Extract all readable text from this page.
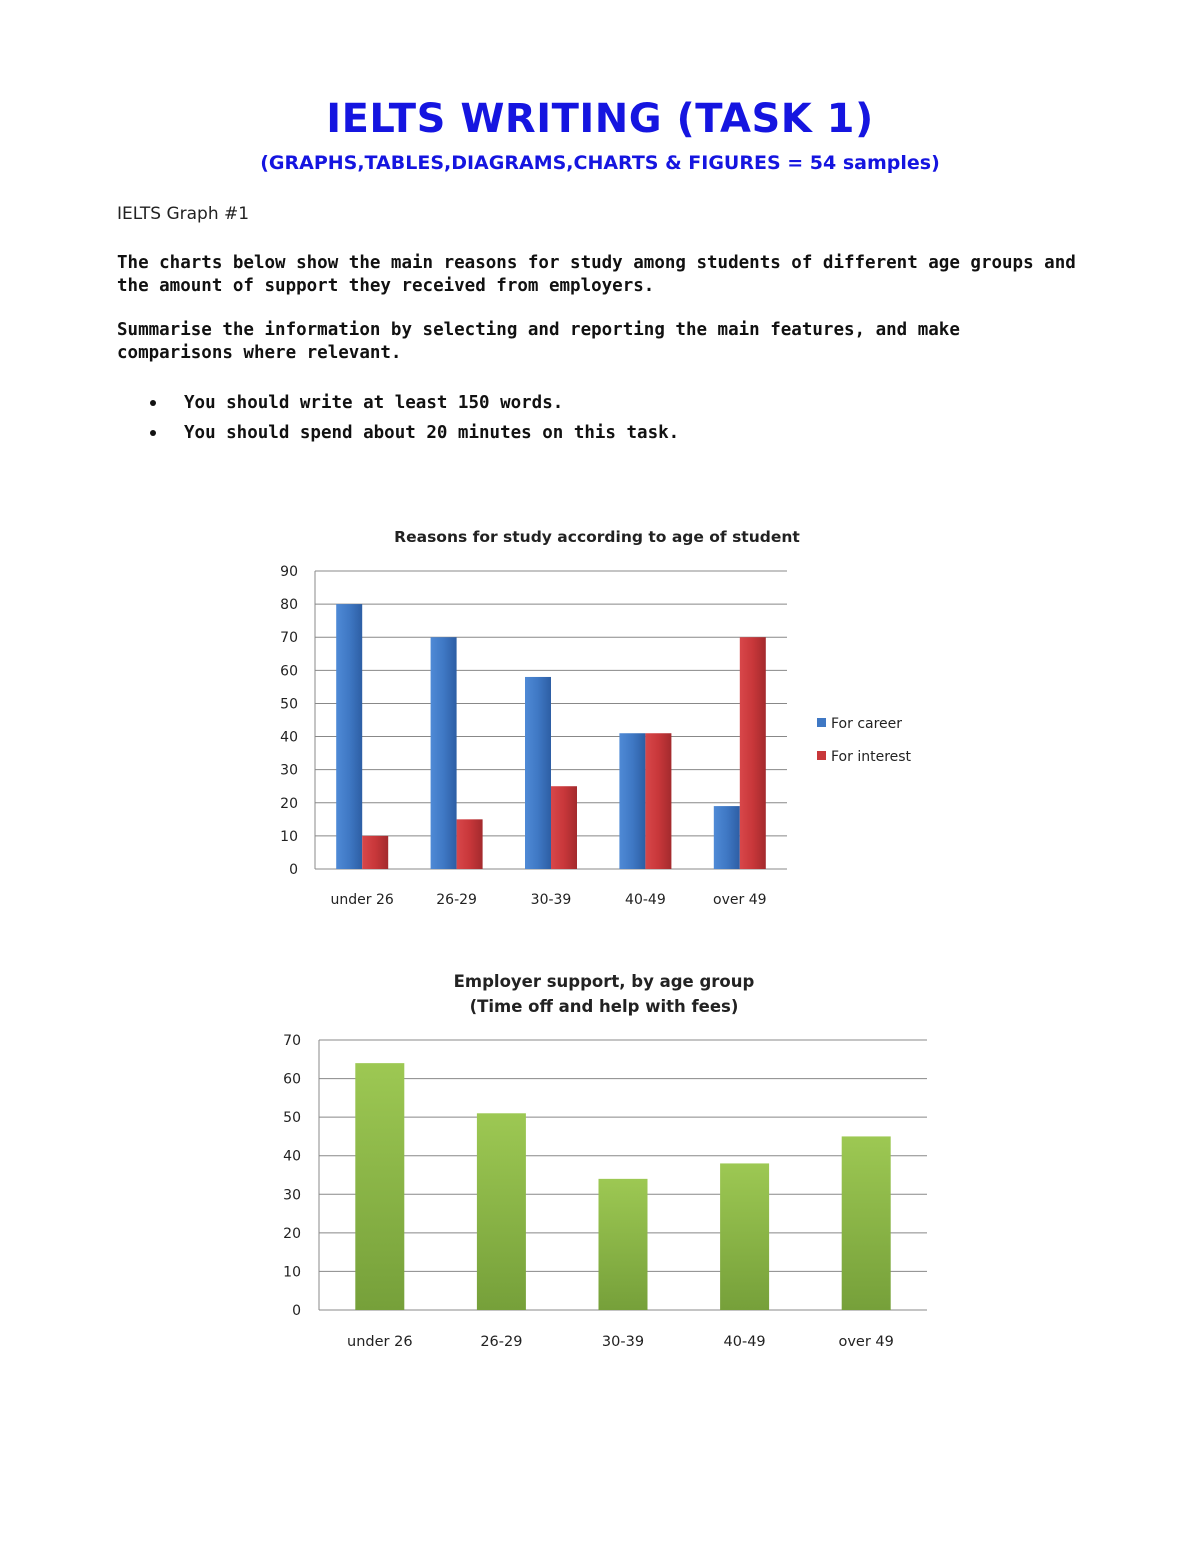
IELTS WRITING (TASK 1)
(GRAPHS,TABLES,DIAGRAMS,CHARTS & FIGURES = 54 samples)
IELTS Graph #1
The charts below show the main reasons for study among students of different age groups and the amount of support they received from employers.
Summarise the information by selecting and reporting the main features, and make comparisons where relevant.
You should write at least 150 words.
You should spend about 20 minutes on this task.
Reasons for study according to age of student
0
10
20
30
40
50
60
70
80
90
under 26	26-29	30-39	40-49	over 49
For career
For interest
Employer support, by age group
(Time off and help with fees)
0
10
20
30
40
50
60
70
under 26	26-29	30-39	40-49	over 49
